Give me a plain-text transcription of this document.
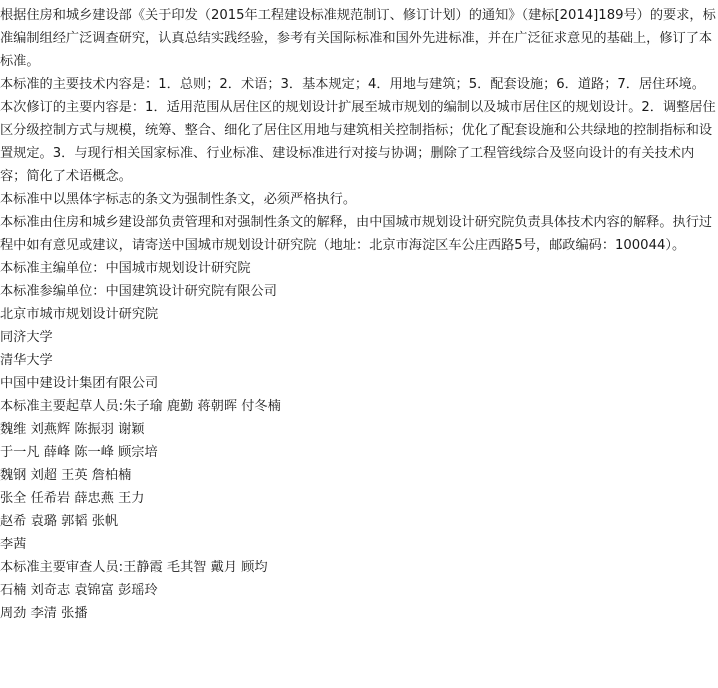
根据住房和城乡建设部《关于印发（2015年工程建设标准规范制订、修订计划）的通知》（建标[2014]189号）的要求，标准编制组经广泛调查研究，认真总结实践经验，参考有关国际标准和国外先进标准，并在广泛征求意见的基础上，修订了本标准。

本标准的主要技术内容是：1．总则；2．术语；3．基本规定；4．用地与建筑；5．配套设施；6．道路；7．居住环境。

本次修订的主要内容是：1．适用范围从居住区的规划设计扩展至城市规划的编制以及城市居住区的规划设计。2．调整居住区分级控制方式与规模，统筹、整合、细化了居住区用地与建筑相关控制指标；优化了配套设施和公共绿地的控制指标和设置规定。3．与现行相关国家标准、行业标准、建设标准进行对接与协调；删除了工程管线综合及竖向设计的有关技术内容；简化了术语概念。

本标准中以黑体字标志的条文为强制性条文，必须严格执行。

本标准由住房和城乡建设部负责管理和对强制性条文的解释，由中国城市规划设计研究院负责具体技术内容的解释。执行过程中如有意见或建议，请寄送中国城市规划设计研究院（地址：北京市海淀区车公庄西路5号，邮政编码：100044）。

本标准主编单位：中国城市规划设计研究院

本标准参编单位：中国建筑设计研究院有限公司

北京市城市规划设计研究院

同济大学

清华大学

中国中建设计集团有限公司

本标准主要起草人员:朱子瑜 鹿勤 蒋朝晖 付冬楠

魏维 刘燕辉 陈振羽 谢颖

于一凡 薛峰 陈一峰 顾宗培

魏钢 刘超 王英 詹柏楠

张全 任希岩 薛忠燕 王力

赵希 袁璐 郭韬 张帆

李茜

本标准主要审查人员:王静霞 毛其智 戴月 顾均

石楠 刘奇志 袁锦富 彭瑶玲

周劲 李清 张播
